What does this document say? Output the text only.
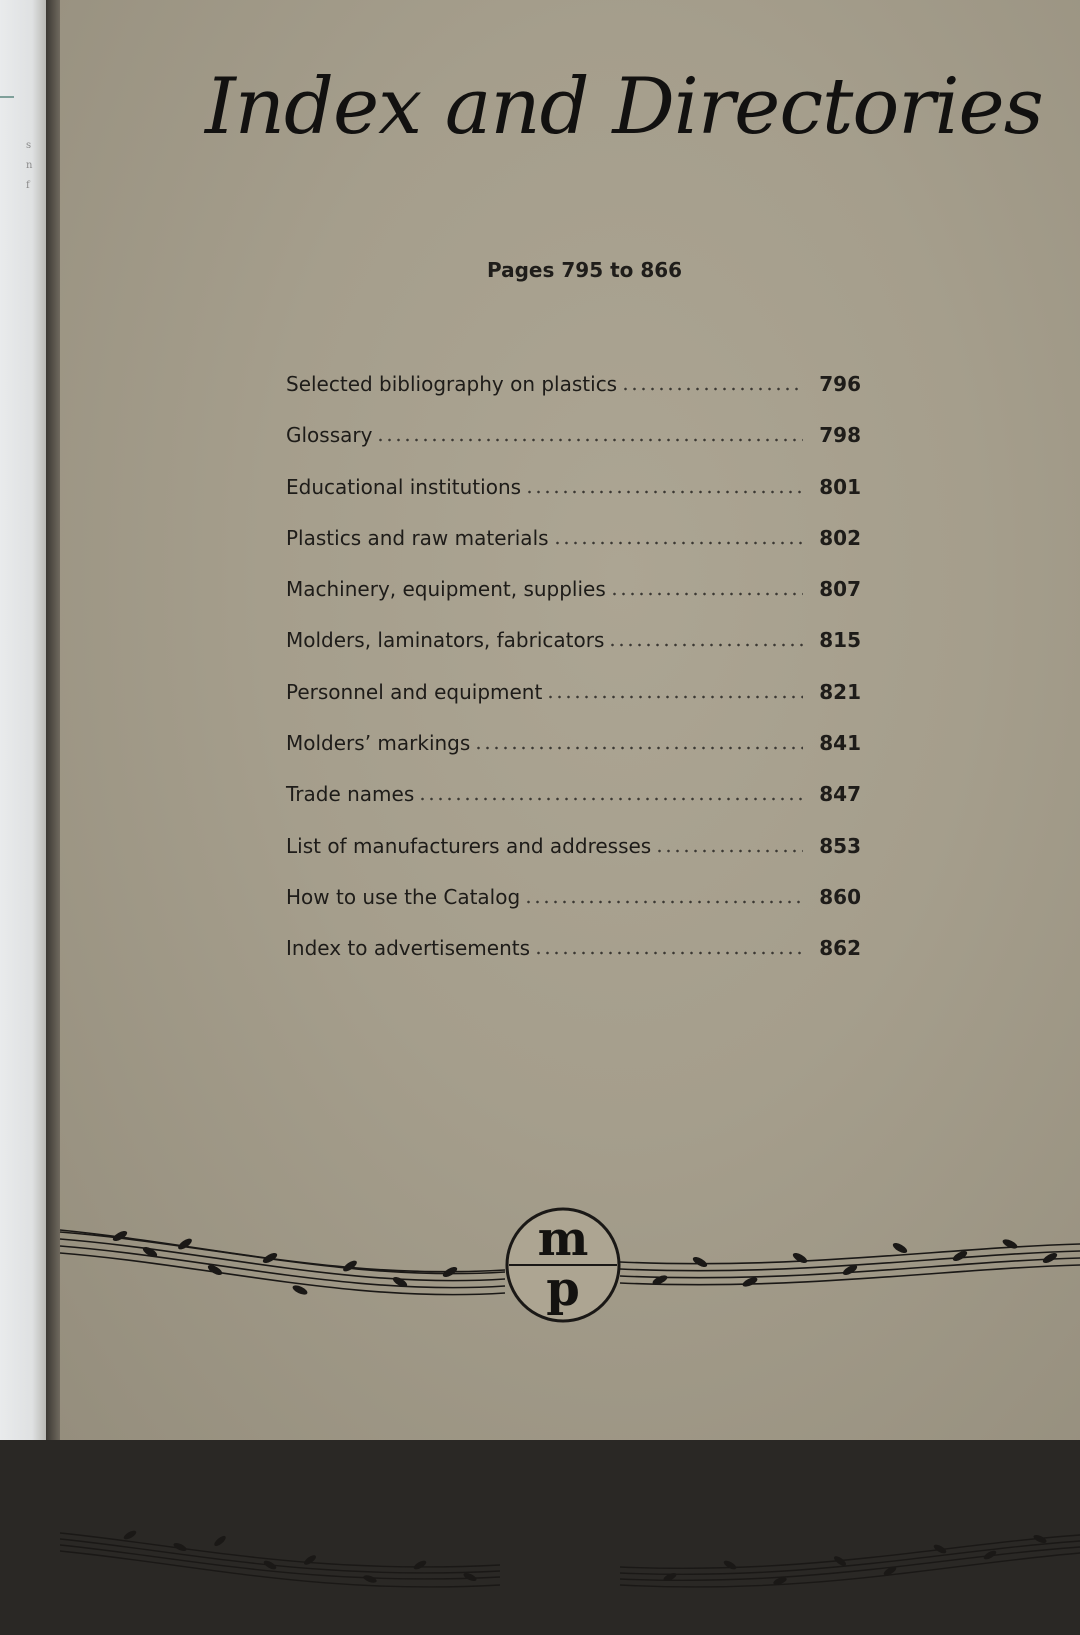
s
n
f
Index and Directories

Pages 795 to 866

Selected bibliography on plastics	796
Glossary	798
Educational institutions	801
Plastics and raw materials	802
Machinery, equipment, supplies	807
Molders, laminators, fabricators	815
Personnel and equipment	821
Molders’ markings	841
Trade names	847
List of manufacturers and addresses	853
How to use the Catalog	860
Index to advertisements	862
m p
